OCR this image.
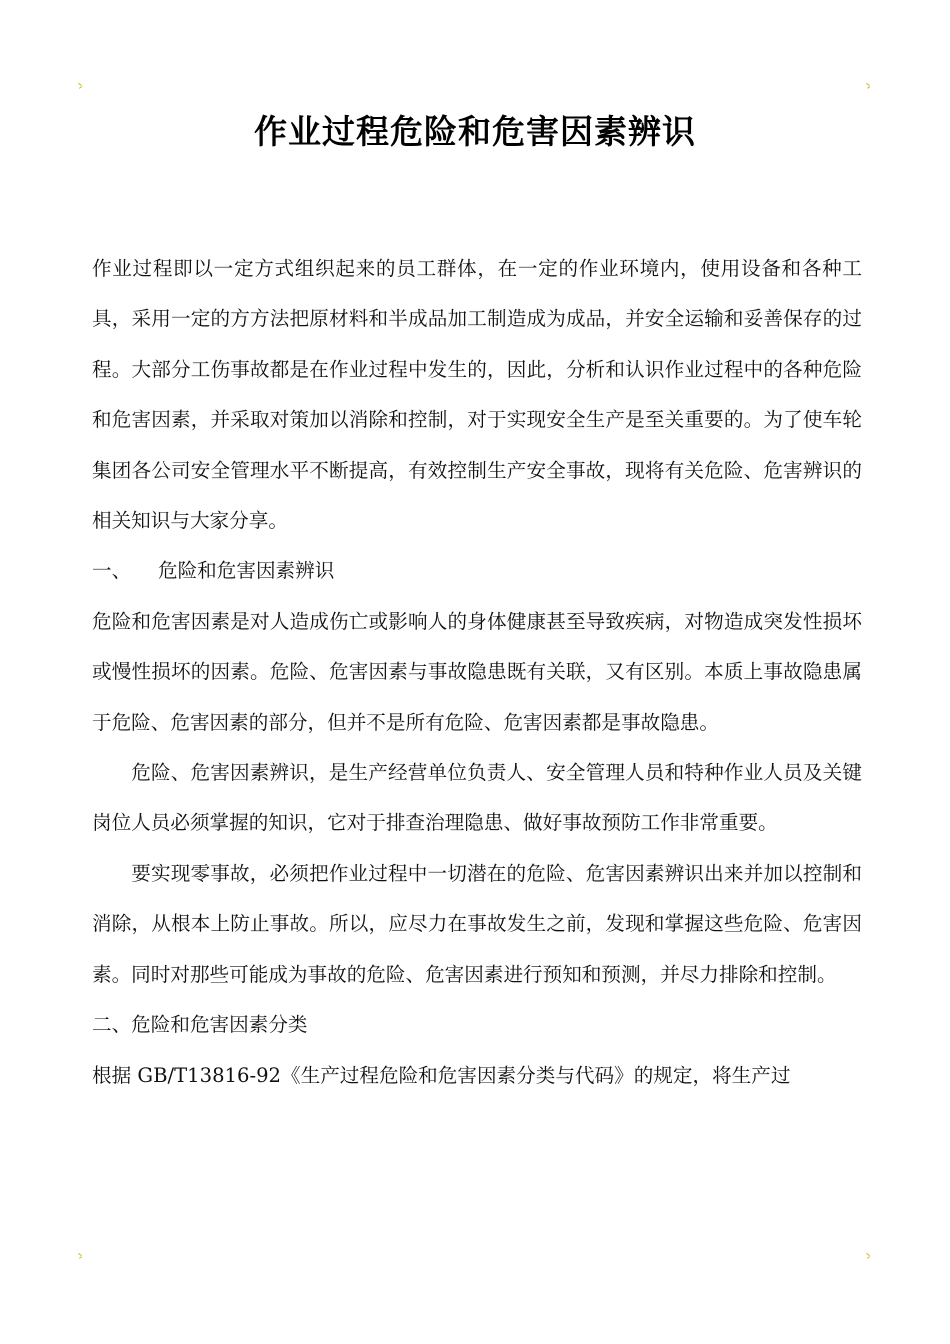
作业过程危险和危害因素辨识

作业过程即以一定方式组织起来的员工群体，在一定的作业环境内，使用设备和各种工具，采用一定的方方法把原材料和半成品加工制造成为成品，并安全运输和妥善保存的过程。大部分工伤事故都是在作业过程中发生的，因此，分析和认识作业过程中的各种危险和危害因素，并采取对策加以消除和控制，对于实现安全生产是至关重要的。为了使车轮集团各公司安全管理水平不断提高，有效控制生产安全事故，现将有关危险、危害辨识的相关知识与大家分享。

一、	危险和危害因素辨识

危险和危害因素是对人造成伤亡或影响人的身体健康甚至导致疾病，对物造成突发性损坏或慢性损坏的因素。危险、危害因素与事故隐患既有关联，又有区别。本质上事故隐患属于危险、危害因素的部分，但并不是所有危险、危害因素都是事故隐患。

危险、危害因素辨识，是生产经营单位负责人、安全管理人员和特种作业人员及关键岗位人员必须掌握的知识，它对于排查治理隐患、做好事故预防工作非常重要。

要实现零事故，必须把作业过程中一切潜在的危险、危害因素辨识出来并加以控制和消除，从根本上防止事故。所以，应尽力在事故发生之前，发现和掌握这些危险、危害因素。同时对那些可能成为事故的危险、危害因素进行预知和预测，并尽力排除和控制。

二、危险和危害因素分类

根据 GB/T13816-92《生产过程危险和危害因素分类与代码》的规定，将生产过
